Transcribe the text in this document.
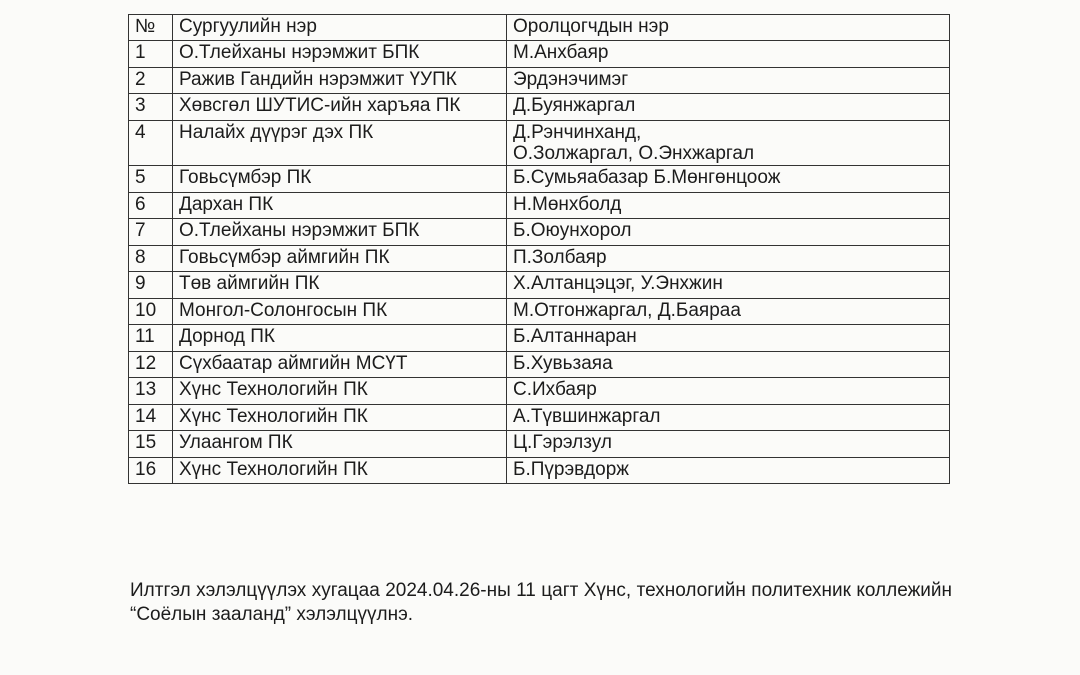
№	Сургуулийн нэр	Оролцогчдын нэр
1	О.Тлейханы нэрэмжит БПК	М.Анхбаяр

2	Ражив Гандийн нэрэмжит ҮУПК	Эрдэнэчимэг

3	Хөвсгөл ШУТИС-ийн харъяа ПК	Д.Буянжаргал

4	Налайх дүүрэг дэх ПК	Д.Рэнчинханд,
О.Золжаргал, О.Энхжаргал

5	Говьсүмбэр ПК	Б.Сумьяабазар Б.Мөнгөнцоож

6	Дархан ПК	Н.Мөнхболд

7	О.Тлейханы нэрэмжит БПК	Б.Оюунхорол

8	Говьсүмбэр аймгийн ПК	П.Золбаяр

9	Төв аймгийн ПК	Х.Алтанцэцэг, У.Энхжин

10	Монгол-Солонгосын ПК	М.Отгонжаргал, Д.Баяраа

11	Дорнод ПК	Б.Алтаннаран

12	Сүхбаатар аймгийн МСҮТ	Б.Хувьзаяа

13	Хүнс Технологийн ПК	С.Ихбаяр

14	Хүнс Технологийн ПК	А.Түвшинжаргал

15	Улаангом ПК	Ц.Гэрэлзул

16	Хүнс Технологийн ПК	Б.Пүрэвдорж

Илтгэл хэлэлцүүлэх хугацаа 2024.04.26-ны 11 цагт Хүнс, технологийн политехник коллежийн “Соёлын зааланд” хэлэлцүүлнэ.
